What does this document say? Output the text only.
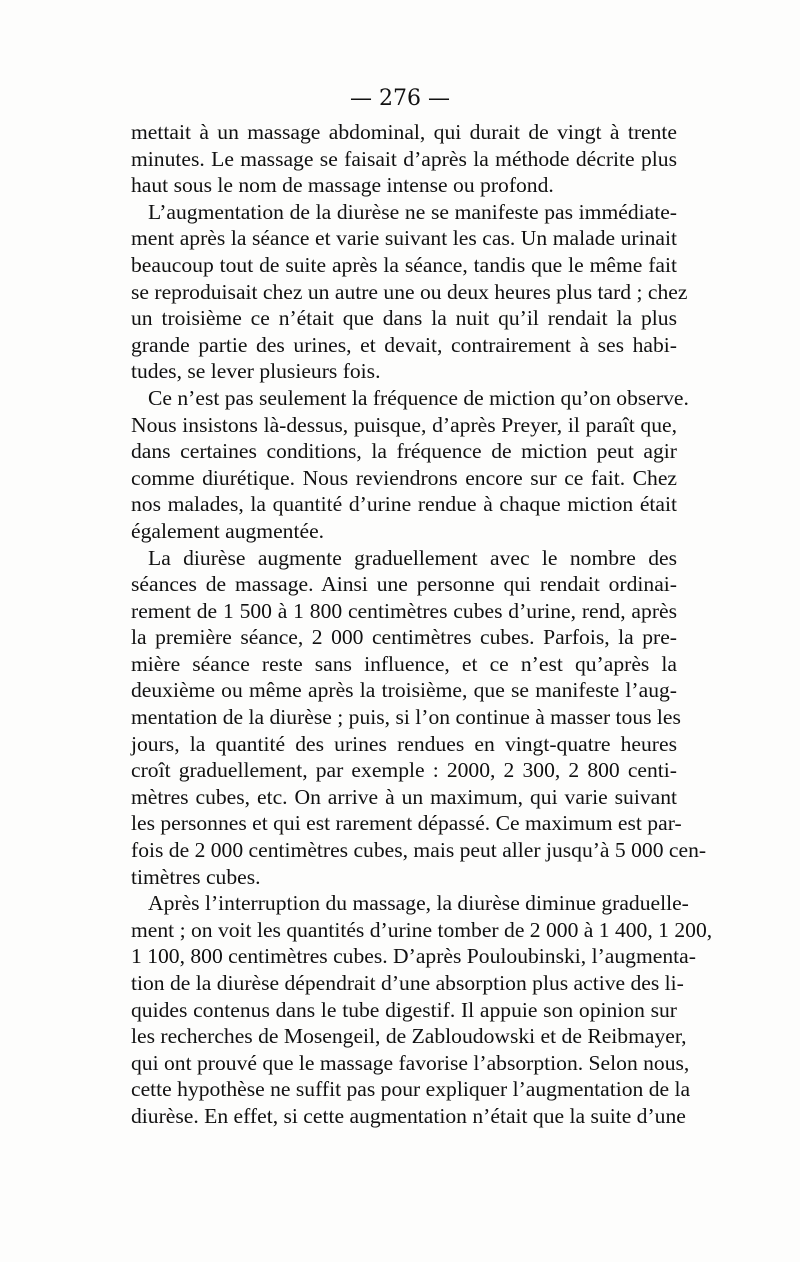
— 276 —
mettait à un massage abdominal, qui durait de vingt à trente
minutes. Le massage se faisait d’après la méthode décrite plus
haut sous le nom de massage intense ou profond.
L’augmentation de la diurèse ne se manifeste pas immédiate-
ment après la séance et varie suivant les cas. Un malade urinait
beaucoup tout de suite après la séance, tandis que le même fait
se reproduisait chez un autre une ou deux heures plus tard ; chez
un troisième ce n’était que dans la nuit qu’il rendait la plus
grande partie des urines, et devait, contrairement à ses habi-
tudes, se lever plusieurs fois.
Ce n’est pas seulement la fréquence de miction qu’on observe.
Nous insistons là-dessus, puisque, d’après Preyer, il paraît que,
dans certaines conditions, la fréquence de miction peut agir
comme diurétique. Nous reviendrons encore sur ce fait. Chez
nos malades, la quantité d’urine rendue à chaque miction était
également augmentée.
La diurèse augmente graduellement avec le nombre des
séances de massage. Ainsi une personne qui rendait ordinai-
rement de 1 500 à 1 800 centimètres cubes d’urine, rend, après
la première séance, 2 000 centimètres cubes. Parfois, la pre-
mière séance reste sans influence, et ce n’est qu’après la
deuxième ou même après la troisième, que se manifeste l’aug-
mentation de la diurèse ; puis, si l’on continue à masser tous les
jours, la quantité des urines rendues en vingt-quatre heures
croît graduellement, par exemple : 2000, 2 300, 2 800 centi-
mètres cubes, etc. On arrive à un maximum, qui varie suivant
les personnes et qui est rarement dépassé. Ce maximum est par-
fois de 2 000 centimètres cubes, mais peut aller jusqu’à 5 000 cen-
timètres cubes.
Après l’interruption du massage, la diurèse diminue graduelle-
ment ; on voit les quantités d’urine tomber de 2 000 à 1 400, 1 200,
1 100, 800 centimètres cubes. D’après Pouloubinski, l’augmenta-
tion de la diurèse dépendrait d’une absorption plus active des li-
quides contenus dans le tube digestif. Il appuie son opinion sur
les recherches de Mosengeil, de Zabloudowski et de Reibmayer,
qui ont prouvé que le massage favorise l’absorption. Selon nous,
cette hypothèse ne suffit pas pour expliquer l’augmentation de la
diurèse. En effet, si cette augmentation n’était que la suite d’une
